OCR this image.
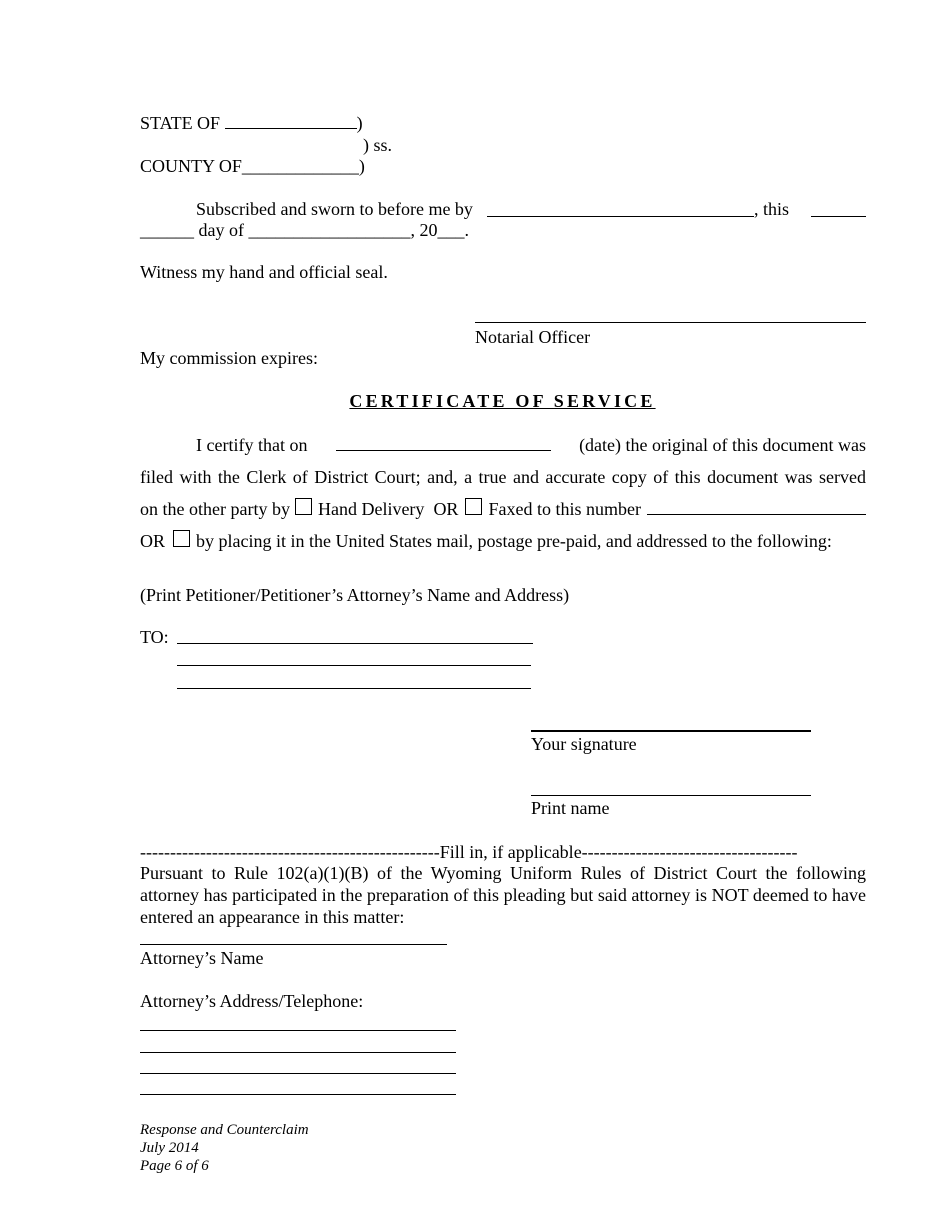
STATE OF	)
) ss.
COUNTY OF_____________)
Subscribed and sworn to before me by	, this
______ day of __________________, 20___.
Witness my hand and official seal.
Notarial Officer
My commission expires:
CERTIFICATE OF SERVICE
I certify that on	(date) the original of this document was
filed with the Clerk of District Court; and, a true and accurate copy of this document was served
on the other party by Hand Delivery OR Faxed to this number
OR by placing it in the United States mail, postage pre-paid, and addressed to the following:
(Print Petitioner/Petitioner’s Attorney’s Name and Address)
TO:
Your signature
Print name
--------------------------------------------------Fill in, if applicable------------------------------------
Pursuant to Rule 102(a)(1)(B) of the Wyoming Uniform Rules of District Court the following attorney has participated in the preparation of this pleading but said attorney is NOT deemed to have entered an appearance in this matter:
Attorney’s Name
Attorney’s Address/Telephone:
Response and Counterclaim
July 2014
Page 6 of 6
